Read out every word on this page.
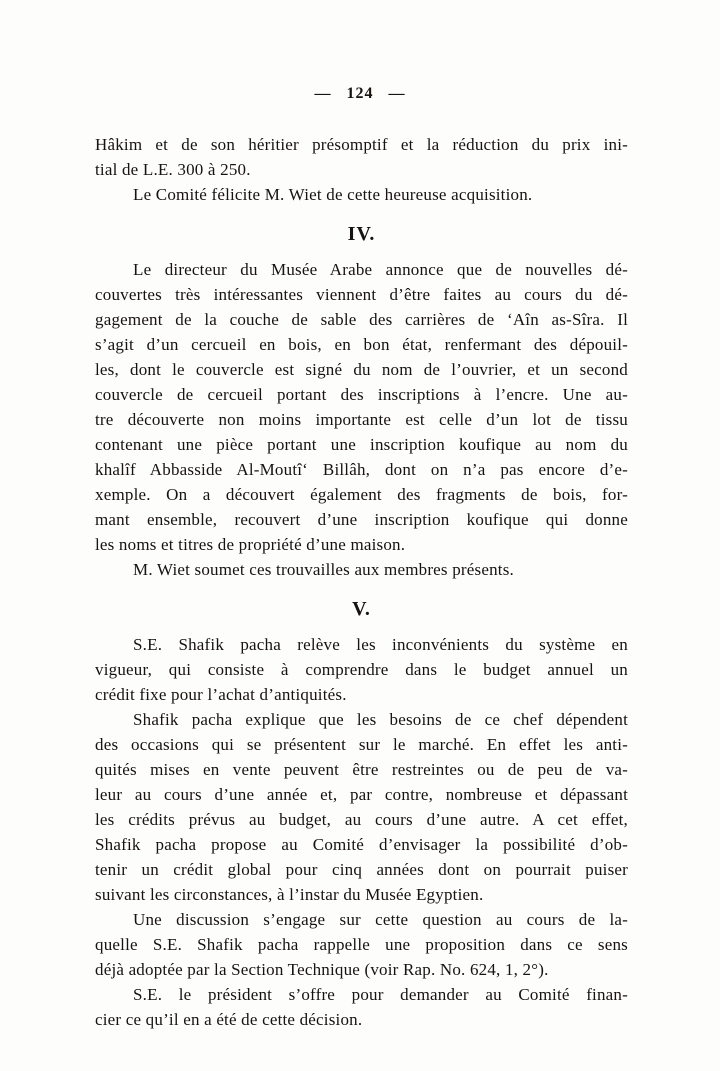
— 124 —

Hâkim et de son héritier présomptif et la réduction du prix ini-
tial de L.E. 300 à 250.

Le Comité félicite M. Wiet de cette heureuse acquisition.

IV.

Le directeur du Musée Arabe annonce que de nouvelles dé-
couvertes très intéressantes viennent d’être faites au cours du dé-
gagement de la couche de sable des carrières de ‘Aîn as-Sîra. Il
s’agit d’un cercueil en bois, en bon état, renfermant des dépouil-
les, dont le couvercle est signé du nom de l’ouvrier, et un second
couvercle de cercueil portant des inscriptions à l’encre. Une au-
tre découverte non moins importante est celle d’un lot de tissu
contenant une pièce portant une inscription koufique au nom du
khalîf Abbasside Al-Moutî‘ Billâh, dont on n’a pas encore d’e-
xemple. On a découvert également des fragments de bois, for-
mant ensemble, recouvert d’une inscription koufique qui donne
les noms et titres de propriété d’une maison.

M. Wiet soumet ces trouvailles aux membres présents.

V.

S.E. Shafik pacha relève les inconvénients du système en
vigueur, qui consiste à comprendre dans le budget annuel un
crédit fixe pour l’achat d’antiquités.

Shafik pacha explique que les besoins de ce chef dépendent
des occasions qui se présentent sur le marché. En effet les anti-
quités mises en vente peuvent être restreintes ou de peu de va-
leur au cours d’une année et, par contre, nombreuse et dépassant
les crédits prévus au budget, au cours d’une autre. A cet effet,
Shafik pacha propose au Comité d’envisager la possibilité d’ob-
tenir un crédit global pour cinq années dont on pourrait puiser
suivant les circonstances, à l’instar du Musée Egyptien.

Une discussion s’engage sur cette question au cours de la-
quelle S.E. Shafik pacha rappelle une proposition dans ce sens
déjà adoptée par la Section Technique (voir Rap. No. 624, 1, 2°).

S.E. le président s’offre pour demander au Comité finan-
cier ce qu’il en a été de cette décision.
